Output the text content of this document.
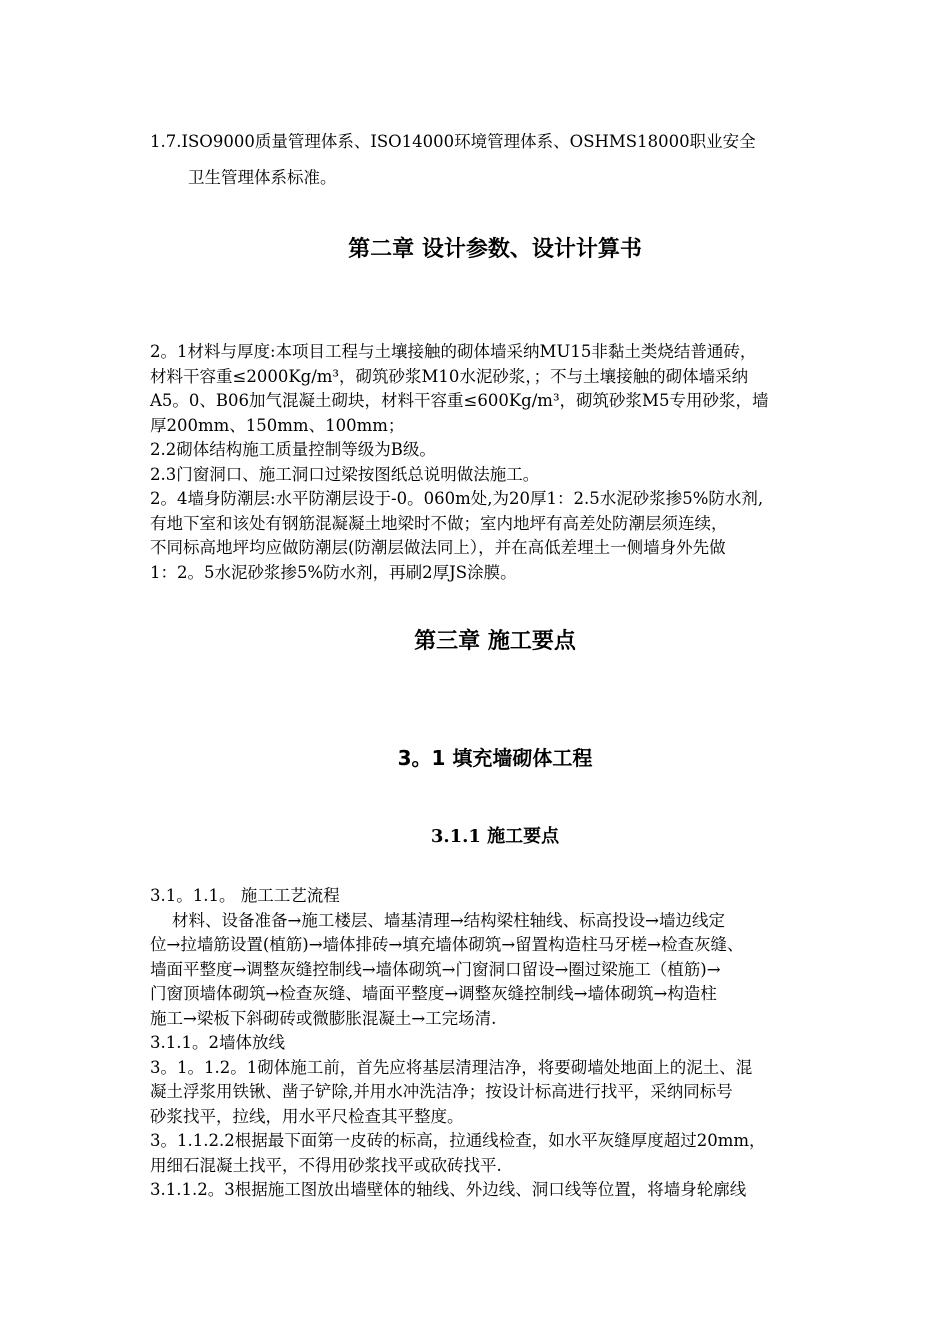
1.7.ISO9000质量管理体系、ISO14000环境管理体系、OSHMS18000职业安全
卫生管理体系标准。
第二章 设计参数、设计计算书
2。1材料与厚度:本项目工程与土壤接触的砌体墙采纳MU15非黏土类烧结普通砖，
材料干容重≤2000Kg/m³，砌筑砂浆M10水泥砂浆，；不与土壤接触的砌体墙采纳
A5。0、B06加气混凝土砌块，材料干容重≤600Kg/m³，砌筑砂浆M5专用砂浆，墙
厚200mm、150mm、100mm；
2.2砌体结构施工质量控制等级为B级。
2.3门窗洞口、施工洞口过梁按图纸总说明做法施工。
2。4墙身防潮层:水平防潮层设于-0。060m处,为20厚1：2.5水泥砂浆掺5%防水剂,
有地下室和该处有钢筋混凝凝土地梁时不做；室内地坪有高差处防潮层须连续，
不同标高地坪均应做防潮层(防潮层做法同上），并在高低差埋土一侧墙身外先做
1：2。5水泥砂浆掺5%防水剂，再刷2厚JS涂膜。
第三章 施工要点
3。1 填充墙砌体工程
3.1.1 施工要点
3.1。1.1。 施工工艺流程
材料、设备准备→施工楼层、墙基清理→结构梁柱轴线、标高投设→墙边线定
位→拉墙筋设置(植筋)→墙体排砖→填充墙体砌筑→留置构造柱马牙槎→检查灰缝、
墙面平整度→调整灰缝控制线→墙体砌筑→门窗洞口留设→圈过梁施工（植筋)→
门窗顶墙体砌筑→检查灰缝、墙面平整度→调整灰缝控制线→墙体砌筑→构造柱
施工→梁板下斜砌砖或微膨胀混凝土→工完场清.
3.1.1。2墙体放线
3。1。1.2。1砌体施工前，首先应将基层清理洁净，将要砌墙处地面上的泥土、混
凝土浮浆用铁锹、凿子铲除,并用水冲洗洁净；按设计标高进行找平，采纳同标号
砂浆找平，拉线，用水平尺检查其平整度。
3。1.1.2.2根据最下面第一皮砖的标高，拉通线检查，如水平灰缝厚度超过20mm，
用细石混凝土找平，不得用砂浆找平或砍砖找平.
3.1.1.2。3根据施工图放出墙壁体的轴线、外边线、洞口线等位置，将墙身轮廓线
